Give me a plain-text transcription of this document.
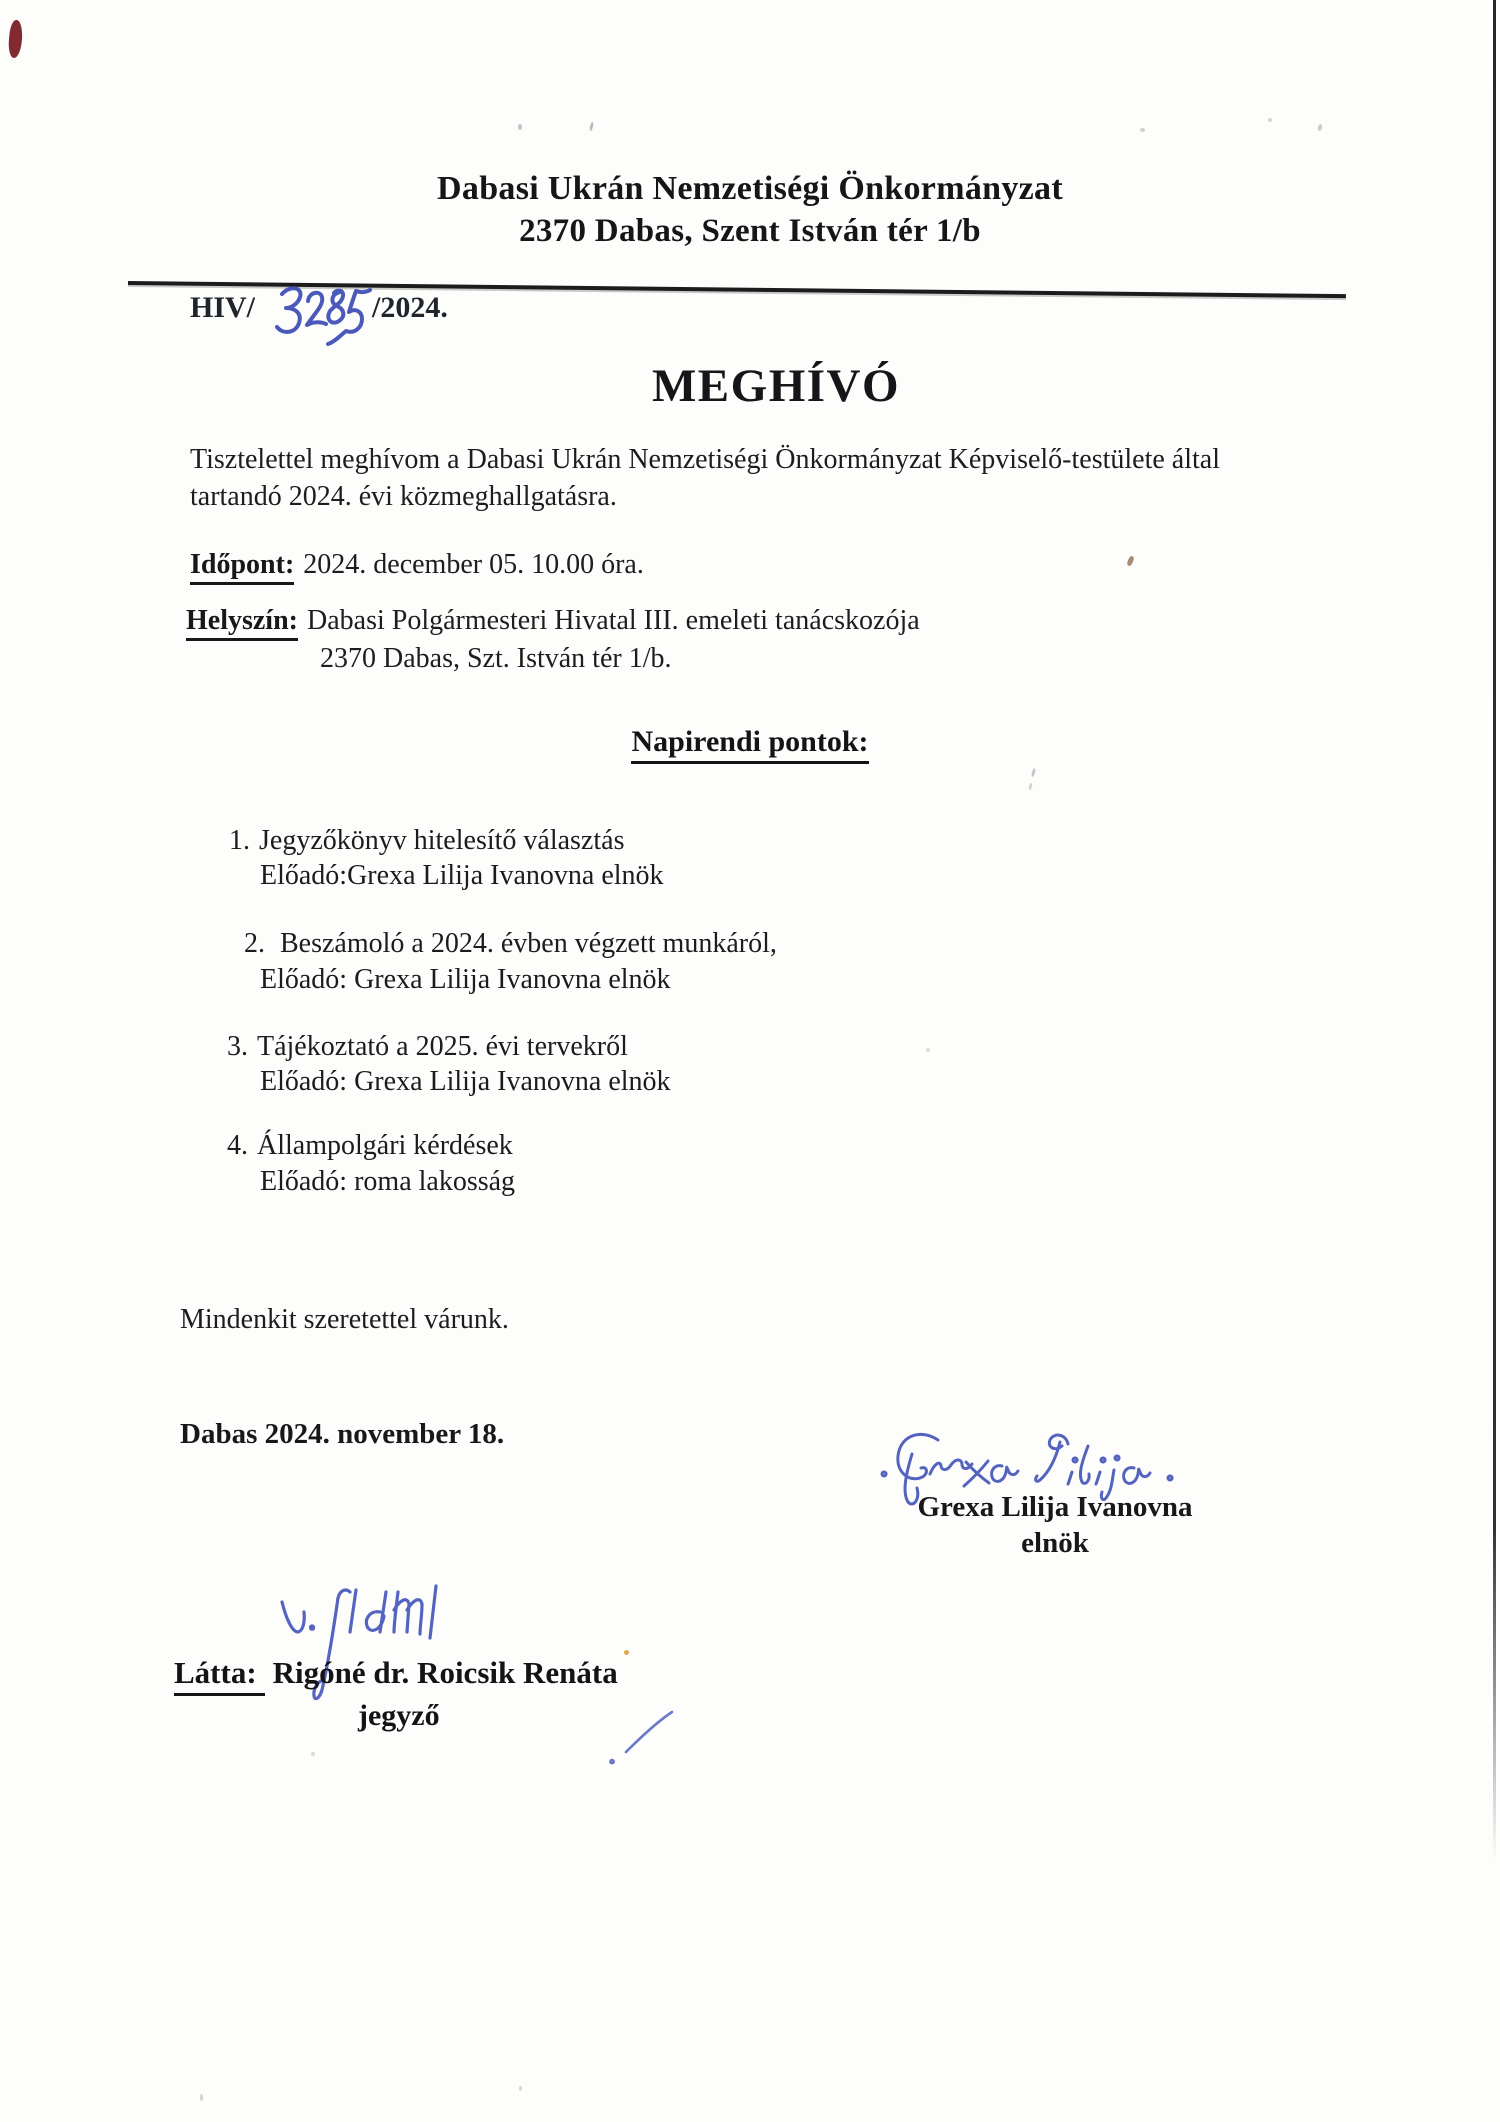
Dabasi Ukrán Nemzetiségi Önkormányzat
2370 Dabas, Szent István tér 1/b
HIV/	/2024.
MEGHÍVÓ
Tisztelettel meghívom a Dabasi Ukrán Nemzetiségi Önkormányzat Képviselő-testülete által
tartandó 2024. évi közmeghallgatásra.
Időpont: 2024. december 05. 10.00 óra.
Helyszín: Dabasi Polgármesteri Hivatal III. emeleti tanácskozója
2370 Dabas, Szt. István tér 1/b.
Napirendi pontok:
1. Jegyzőkönyv hitelesítő választás
Előadó:Grexa Lilija Ivanovna elnök
2. Beszámoló a 2024. évben végzett munkáról,
Előadó: Grexa Lilija Ivanovna elnök
3. Tájékoztató a 2025. évi tervekről
Előadó: Grexa Lilija Ivanovna elnök
4. Állampolgári kérdések
Előadó: roma lakosság
Mindenkit szeretettel várunk.
Dabas 2024. november 18.
Grexa Lilija Ivanovna
elnök
Látta: Rigóné dr. Roicsik Renáta
jegyző
